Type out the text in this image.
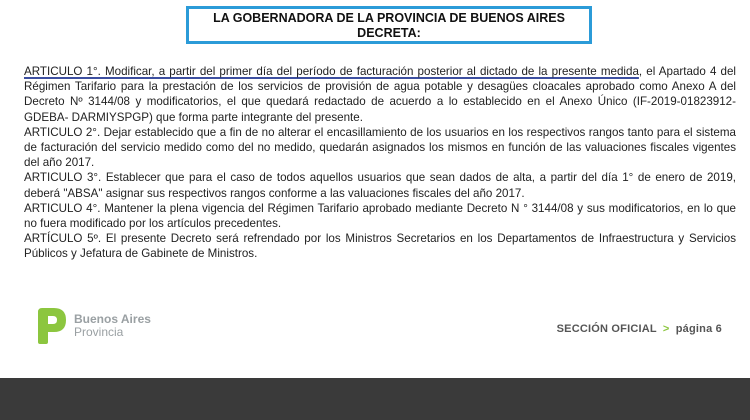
LA GOBERNADORA DE LA PROVINCIA DE BUENOS AIRES
DECRETA:

ARTICULO 1°. Modificar, a partir del primer día del período de facturación posterior al dictado de la presente medida, el Apartado 4 del Régimen Tarifario para la prestación de los servicios de provisión de agua potable y desagües cloacales aprobado como Anexo A del Decreto Nº 3144/08 y modificatorios, el que quedará redactado de acuerdo a lo establecido en el Anexo Único (IF-2019-01823912-GDEBA- DARMIYSPGP) que forma parte integrante del presente.

ARTICULO 2°. Dejar establecido que a fin de no alterar el encasillamiento de los usuarios en los respectivos rangos tanto para el sistema de facturación del servicio medido como del no medido, quedarán asignados los mismos en función de las valuaciones fiscales vigentes del año 2017.

ARTICULO 3°. Establecer que para el caso de todos aquellos usuarios que sean dados de alta, a partir del día 1° de enero de 2019, deberá "ABSA" asignar sus respectivos rangos conforme a las valuaciones fiscales del año 2017.

ARTICULO 4°. Mantener la plena vigencia del Régimen Tarifario aprobado mediante Decreto N ° 3144/08 y sus modificatorios, en lo que no fuera modificado por los artículos precedentes.

ARTÍCULO 5º. El presente Decreto será refrendado por los Ministros Secretarios en los Departamentos de Infraestructura y Servicios Públicos y Jefatura de Gabinete de Ministros.

Buenos Aires
Provincia	SECCIÓN OFICIAL > página 6
